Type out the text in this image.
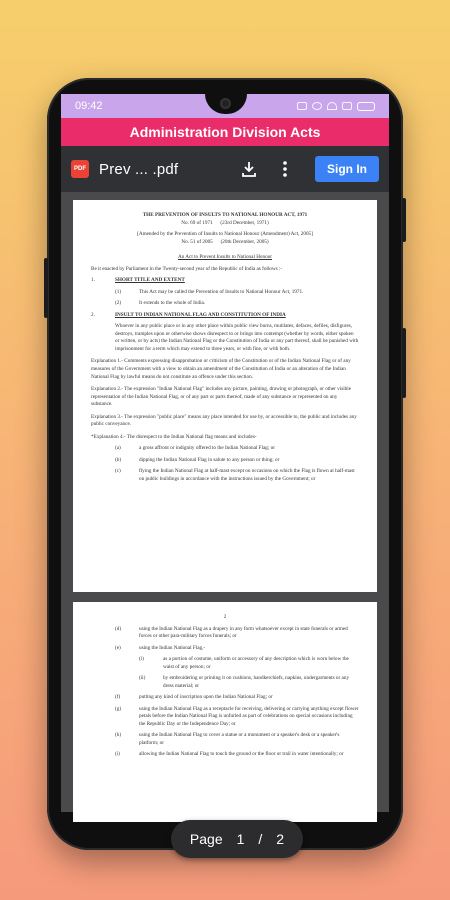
09:42
Administration Division Acts
PDF Prev ... .pdf	Sign In
THE PREVENTION OF INSULTS TO NATIONAL HONOUR ACT, 1971
No. 69 of 1971 (23rd December, 1971)
[Amended by the Prevention of Insults to National Honour (Amendment) Act, 2005]
No. 51 of 2005 (20th December, 2005)
An Act to Prevent Insults to National Honour
Be it enacted by Parliament in the Twenty-second year of the Republic of India as follows :-
1.	SHORT TITLE AND EXTENT
(1)	This Act may be called the Prevention of Insults to National Honour Act, 1971.
(2)	It extends to the whole of India.
2.	INSULT TO INDIAN NATIONAL FLAG AND CONSTITUTION OF INDIA
Whoever in any public place or in any other place within public view burns, mutilates, defaces, defiles, disfigures, destroys, tramples upon or otherwise shows disrespect to or brings into contempt (whether by words, either spoken or written, or by acts) the Indian National Flag or the Constitution of India or any part thereof, shall be punished with imprisonment for a term which may extend to three years, or with fine, or with both.
Explanation 1.- Comments expressing disapprobation or criticism of the Constitution or of the Indian National Flag or of any measures of the Government with a view to obtain an amendment of the Constitution of India or an alteration of the Indian National Flag by lawful means do not constitute an offence under this section.
Explanation 2.- The expression "Indian National Flag" includes any picture, painting, drawing or photograph, or other visible representation of the Indian National Flag, or of any part or parts thereof, made of any substance or represented on any substance.
Explanation 3.- The expression "public place" means any place intended for use by, or accessible to, the public and includes any public conveyance.
*Explanation 4.- The disrespect to the Indian National flag means and includes-
(a)	a gross affront or indignity offered to the Indian National Flag; or
(b)	dipping the Indian National Flag in salute to any person or thing; or
(c)	flying the Indian National Flag at half-mast except on occasions on which the Flag is flown at half-mast on public buildings in accordance with the instructions issued by the Government; or
2
(d)	using the Indian National Flag as a drapery in any form whatsoever except in state funerals or armed forces or other para-military forces funerals; or
(e)	using the Indian National Flag,-
(i)	as a portion of costume, uniform or accessory of any description which is worn below the waist of any person; or
(ii)	by embroidering or printing it on cushions, handkerchiefs, napkins, undergarments or any dress material; or
(f)	putting any kind of inscription upon the Indian National Flag; or
(g)	using the Indian National Flag as a receptacle for receiving, delivering or carrying anything except flower petals before the Indian National Flag is unfurled as part of celebrations on special occasions including the Republic Day or the Independence Day; or
(h)	using the Indian National Flag to cover a statue or a monument or a speaker's desk or a speaker's platform; or
(i)	allowing the Indian National Flag to touch the ground or the floor or trail in water intentionally; or
Page 1 / 2
